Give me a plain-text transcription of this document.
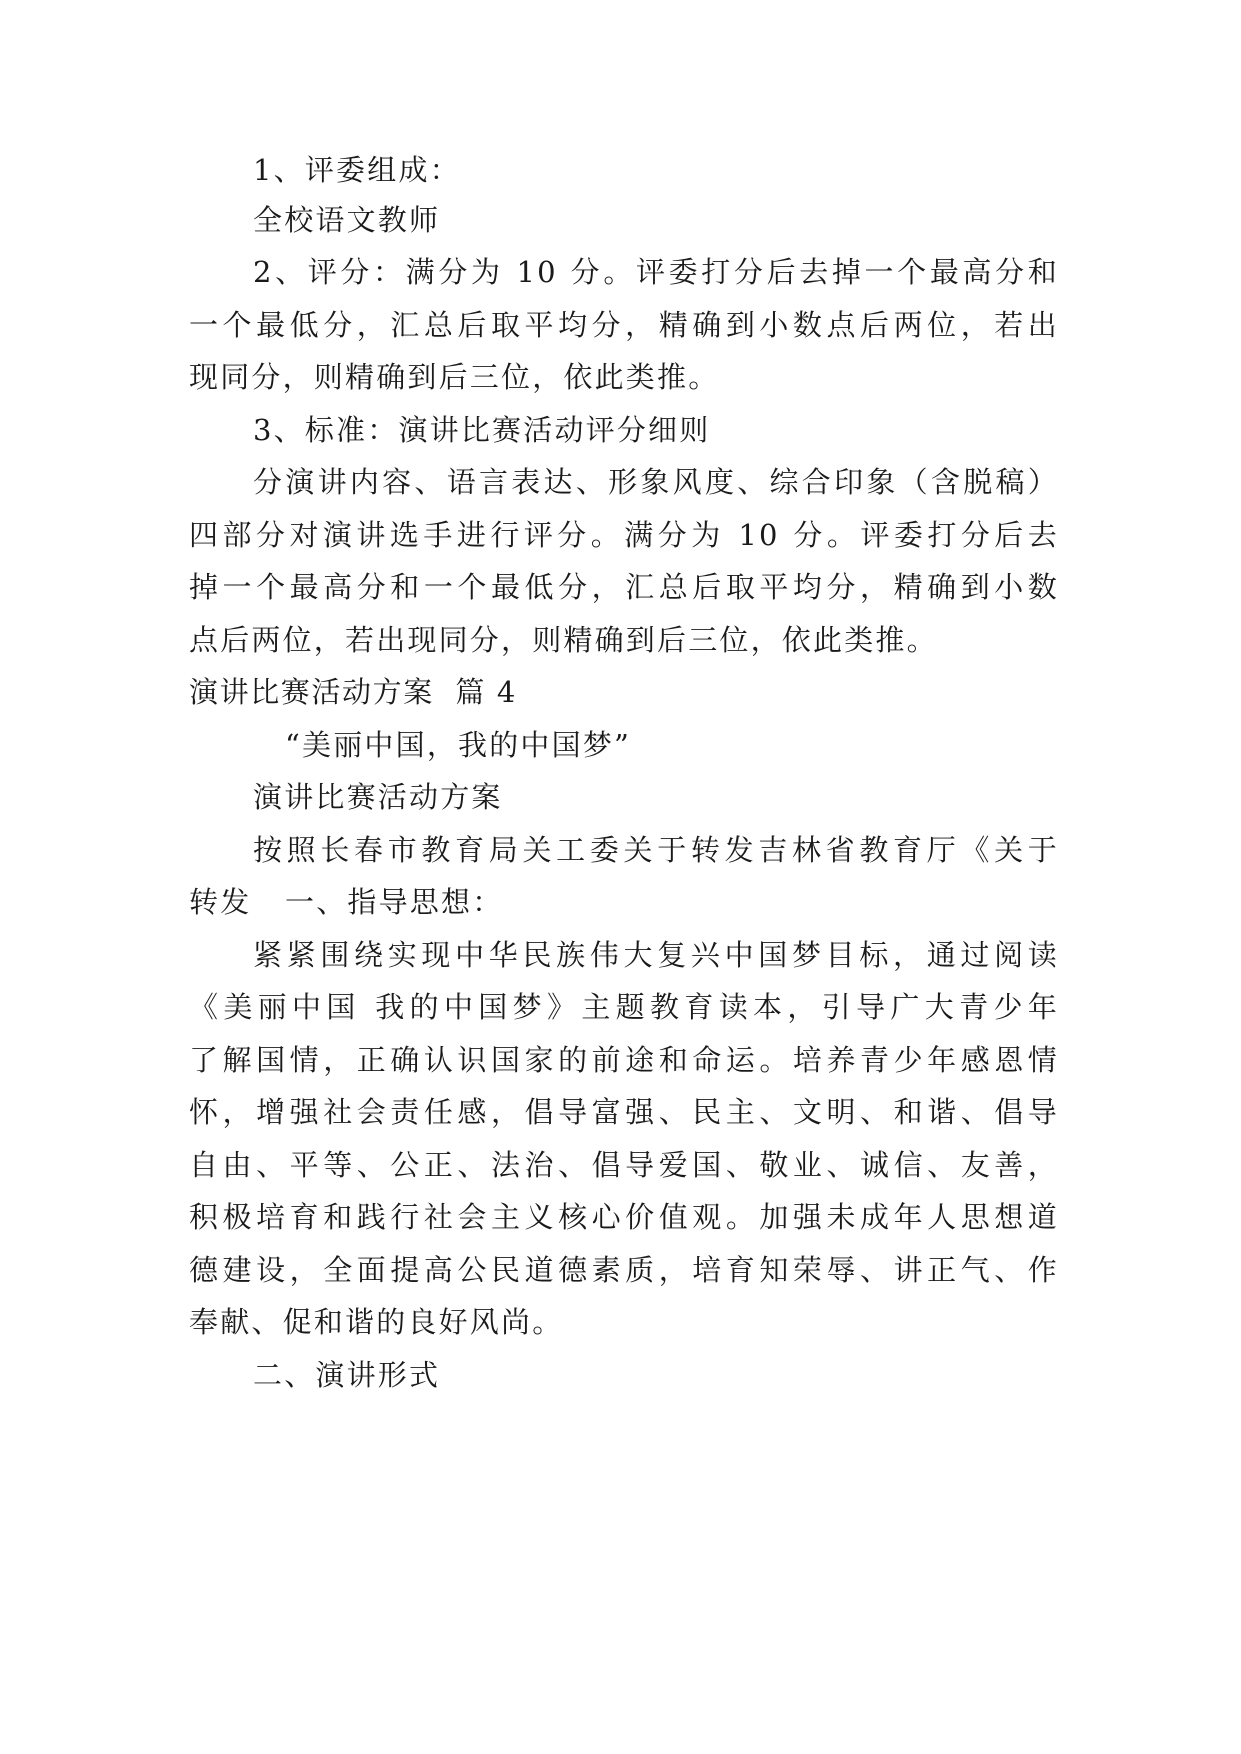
1、评委组成：
全校语文教师
2、评分：满分为 10 分。评委打分后去掉一个最高分和
一个最低分，汇总后取平均分，精确到小数点后两位，若出
现同分，则精确到后三位，依此类推。
3、标准：演讲比赛活动评分细则
分演讲内容、语言表达、形象风度、综合印象（含脱稿）
四部分对演讲选手进行评分。满分为 10 分。评委打分后去
掉一个最高分和一个最低分，汇总后取平均分，精确到小数
点后两位，若出现同分，则精确到后三位，依此类推。
演讲比赛活动方案  篇 4
“美丽中国，我的中国梦”
演讲比赛活动方案
按照长春市教育局关工委关于转发吉林省教育厅《关于
转发 一、指导思想：
紧紧围绕实现中华民族伟大复兴中国梦目标，通过阅读
《美丽中国 我的中国梦》主题教育读本，引导广大青少年
了解国情，正确认识国家的前途和命运。培养青少年感恩情
怀，增强社会责任感，倡导富强、民主、文明、和谐、倡导
自由、平等、公正、法治、倡导爱国、敬业、诚信、友善，
积极培育和践行社会主义核心价值观。加强未成年人思想道
德建设，全面提高公民道德素质，培育知荣辱、讲正气、作
奉献、促和谐的良好风尚。
二、演讲形式
